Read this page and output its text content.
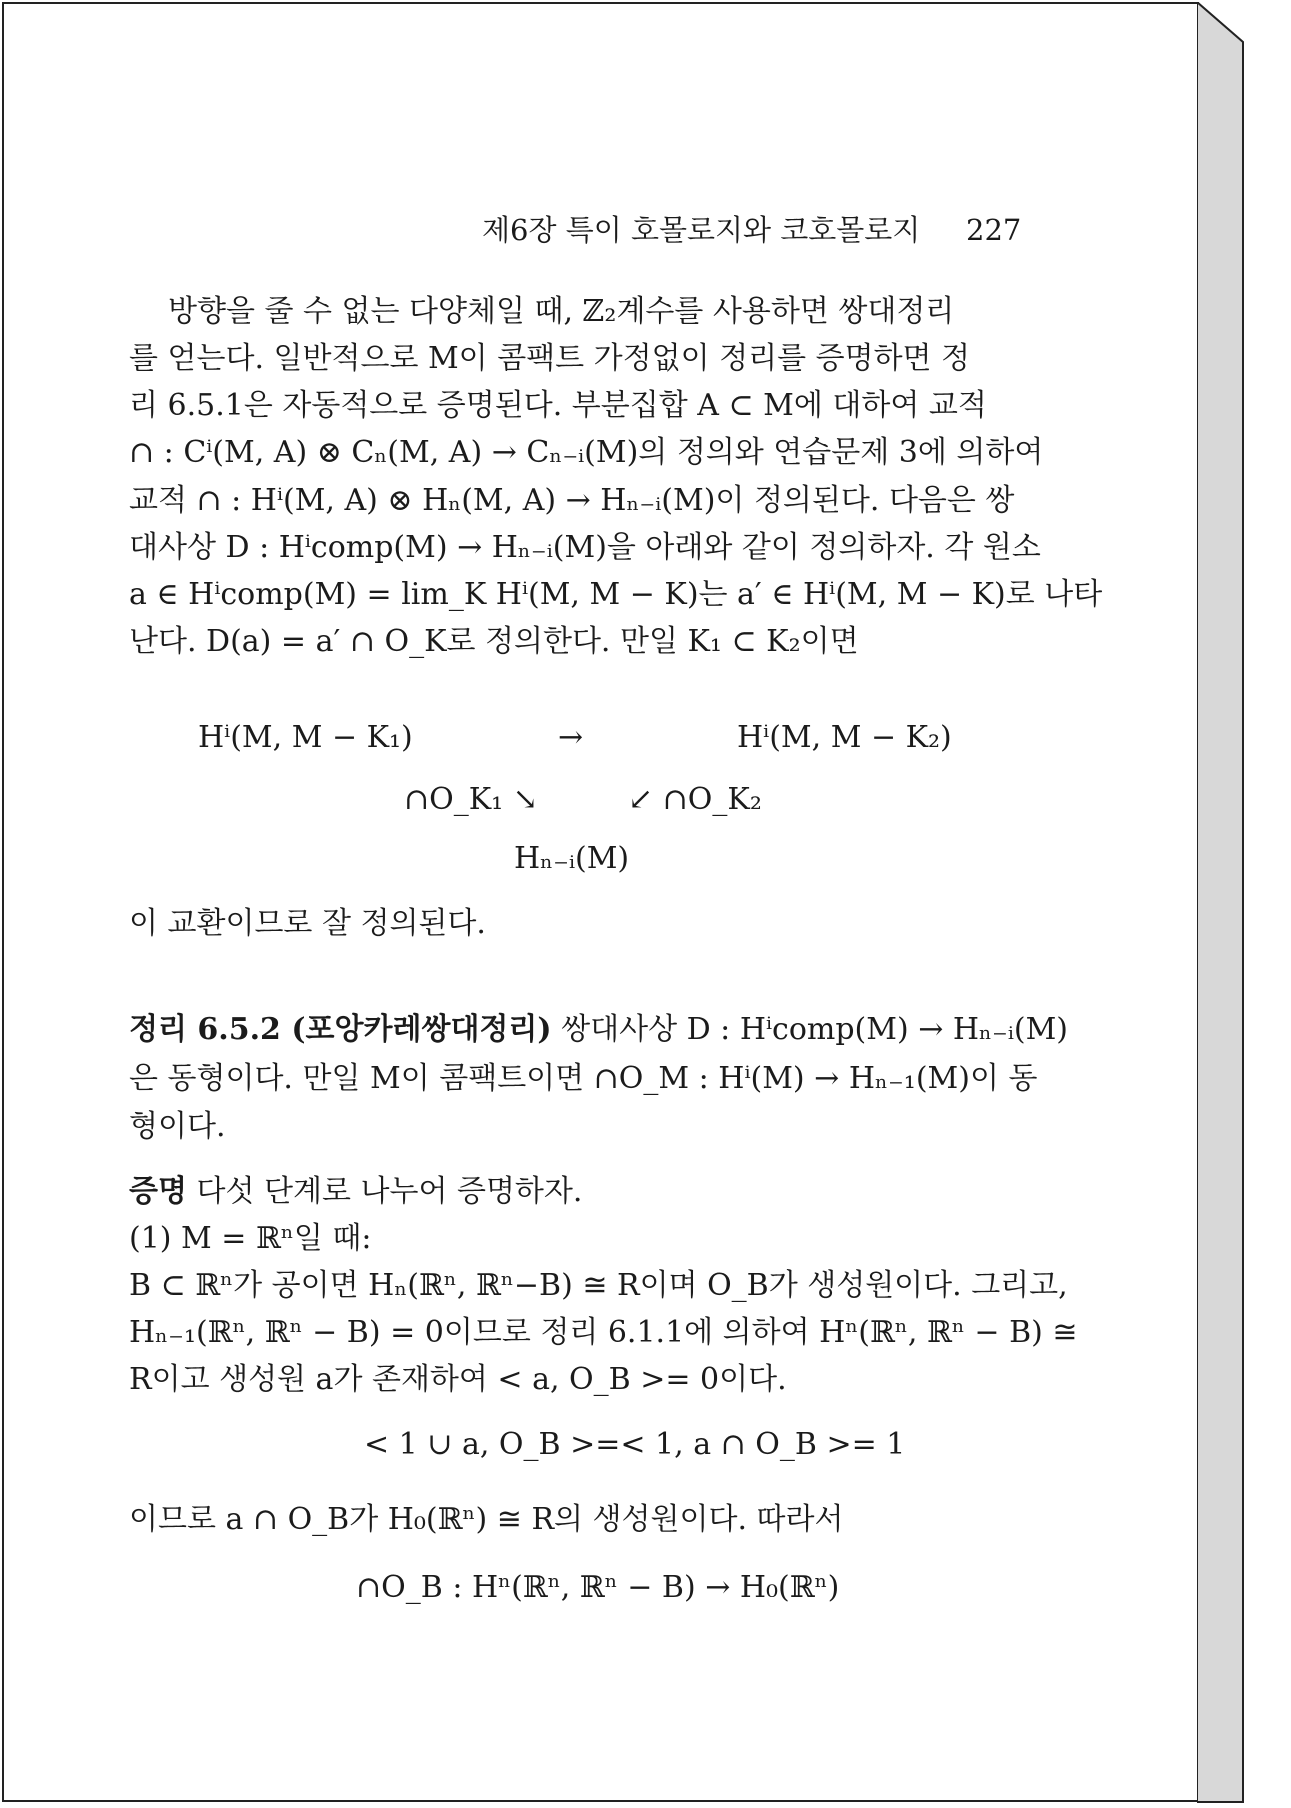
제6장 특이 호몰로지와 코호몰로지 227
방향을 줄 수 없는 다양체일 때, ℤ₂계수를 사용하면 쌍대정리
를 얻는다. 일반적으로 M이 콤팩트 가정없이 정리를 증명하면 정
리 6.5.1은 자동적으로 증명된다. 부분집합 A ⊂ M에 대하여 교적
∩ : Cⁱ(M, A) ⊗ Cₙ(M, A) → Cₙ₋ᵢ(M)의 정의와 연습문제 3에 의하여
교적 ∩ : Hⁱ(M, A) ⊗ Hₙ(M, A) → Hₙ₋ᵢ(M)이 정의된다. 다음은 쌍
대사상 D : Hⁱcomp(M) → Hₙ₋ᵢ(M)을 아래와 같이 정의하자. 각 원소
a ∈ Hⁱcomp(M) = lim_K Hⁱ(M, M − K)는 a′ ∈ Hⁱ(M, M − K)로 나타
난다. D(a) = a′ ∩ O_K로 정의한다. 만일 K₁ ⊂ K₂이면
Hⁱ(M, M − K₁)	→	Hⁱ(M, M − K₂)
∩O_K₁ ↘	↙ ∩O_K₂
Hₙ₋ᵢ(M)
이 교환이므로 잘 정의된다.
정리 6.5.2 (포앙카레쌍대정리) 쌍대사상 D : Hⁱcomp(M) → Hₙ₋ᵢ(M)
은 동형이다. 만일 M이 콤팩트이면 ∩O_M : Hⁱ(M) → Hₙ₋₁(M)이 동
형이다.
증명 다섯 단계로 나누어 증명하자.
(1) M = ℝⁿ일 때:
B ⊂ ℝⁿ가 공이면 Hₙ(ℝⁿ, ℝⁿ−B) ≅ R이며 O_B가 생성원이다. 그리고,
Hₙ₋₁(ℝⁿ, ℝⁿ − B) = 0이므로 정리 6.1.1에 의하여 Hⁿ(ℝⁿ, ℝⁿ − B) ≅
R이고 생성원 a가 존재하여 < a, O_B >= 0이다.
< 1 ∪ a, O_B >=< 1, a ∩ O_B >= 1
이므로 a ∩ O_B가 H₀(ℝⁿ) ≅ R의 생성원이다. 따라서
∩O_B : Hⁿ(ℝⁿ, ℝⁿ − B) → H₀(ℝⁿ)
